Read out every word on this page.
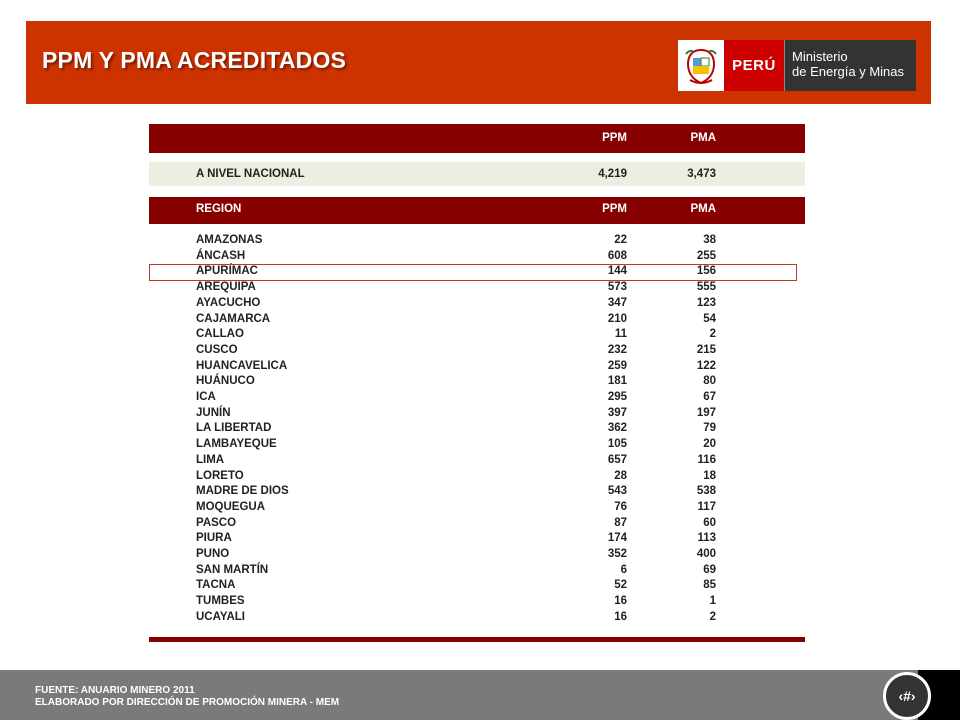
PPM Y PMA ACREDITADOS	PERÚ
Ministerio
de Energía y Minas
PPM	PMA
A NIVEL NACIONAL	4,219	3,473
REGION	PPM	PMA
AMAZONAS	22	38
ÁNCASH	608	255
APURÍMAC	144	156
AREQUIPA	573	555
AYACUCHO	347	123
CAJAMARCA	210	54
CALLAO	11	2
CUSCO	232	215
HUANCAVELICA	259	122
HUÁNUCO	181	80
ICA	295	67
JUNÍN	397	197
LA LIBERTAD	362	79
LAMBAYEQUE	105	20
LIMA	657	116
LORETO	28	18
MADRE DE DIOS	543	538
MOQUEGUA	76	117
PASCO	87	60
PIURA	174	113
PUNO	352	400
SAN MARTÍN	6	69
TACNA	52	85
TUMBES	16	1
UCAYALI	16	2
FUENTE: ANUARIO MINERO 2011
ELABORADO POR DIRECCIÓN DE PROMOCIÓN MINERA - MEM	‹#›
